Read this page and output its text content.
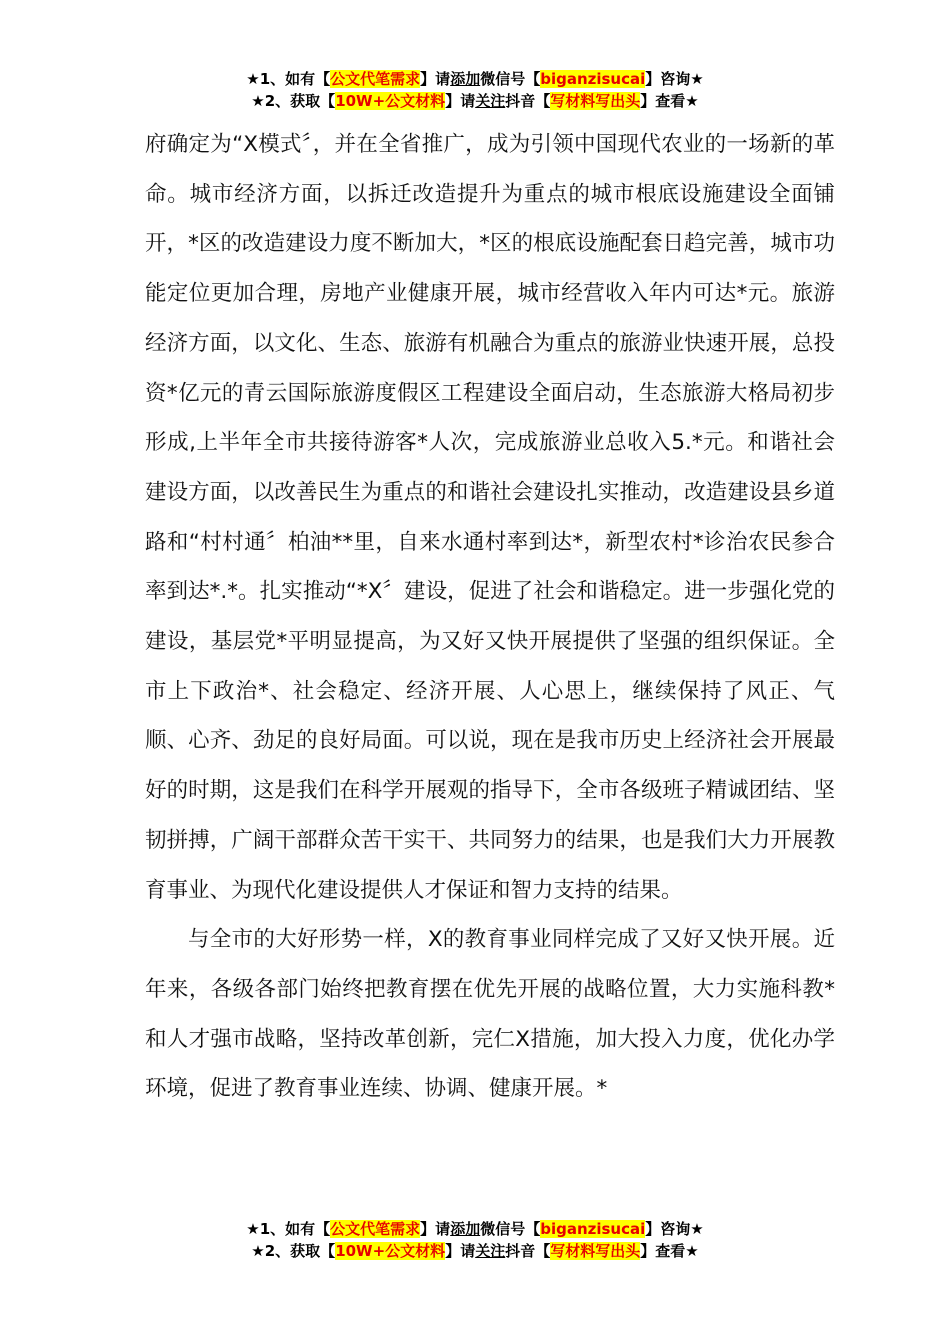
★1、如有【公文代笔需求】请添加微信号【biganzisucai】咨询★
★2、获取【10W+公文材料】请关注抖音【写材料写出头】查看★

府确定为“X模式〞，并在全省推广，成为引领中国现代农业的一场新的革命。城市经济方面，以拆迁改造提升为重点的城市根底设施建设全面铺开，*区的改造建设力度不断加大，*区的根底设施配套日趋完善，城市功能定位更加合理，房地产业健康开展，城市经营收入年内可达*元。旅游经济方面，以文化、生态、旅游有机融合为重点的旅游业快速开展，总投资*亿元的青云国际旅游度假区工程建设全面启动，生态旅游大格局初步形成,上半年全市共接待游客*人次，完成旅游业总收入5.*元。和谐社会建设方面，以改善民生为重点的和谐社会建设扎实推动，改造建设县乡道路和“村村通〞柏油**里，自来水通村率到达*，新型农村*诊治农民参合率到达*.*。扎实推动“*X〞建设，促进了社会和谐稳定。进一步强化党的建设，基层党*平明显提高，为又好又快开展提供了坚强的组织保证。全市上下政治*、社会稳定、经济开展、人心思上，继续保持了风正、气顺、心齐、劲足的良好局面。可以说，现在是我市历史上经济社会开展最好的时期，这是我们在科学开展观的指导下，全市各级班子精诚团结、坚韧拼搏，广阔干部群众苦干实干、共同努力的结果，也是我们大力开展教育事业、为现代化建设提供人才保证和智力支持的结果。

与全市的大好形势一样，X的教育事业同样完成了又好又快开展。近年来，各级各部门始终把教育摆在优先开展的战略位置，大力实施科教*和人才强市战略，坚持改革创新，完仁X措施，加大投入力度，优化办学环境，促进了教育事业连续、协调、健康开展。*

★1、如有【公文代笔需求】请添加微信号【biganzisucai】咨询★
★2、获取【10W+公文材料】请关注抖音【写材料写出头】查看★
